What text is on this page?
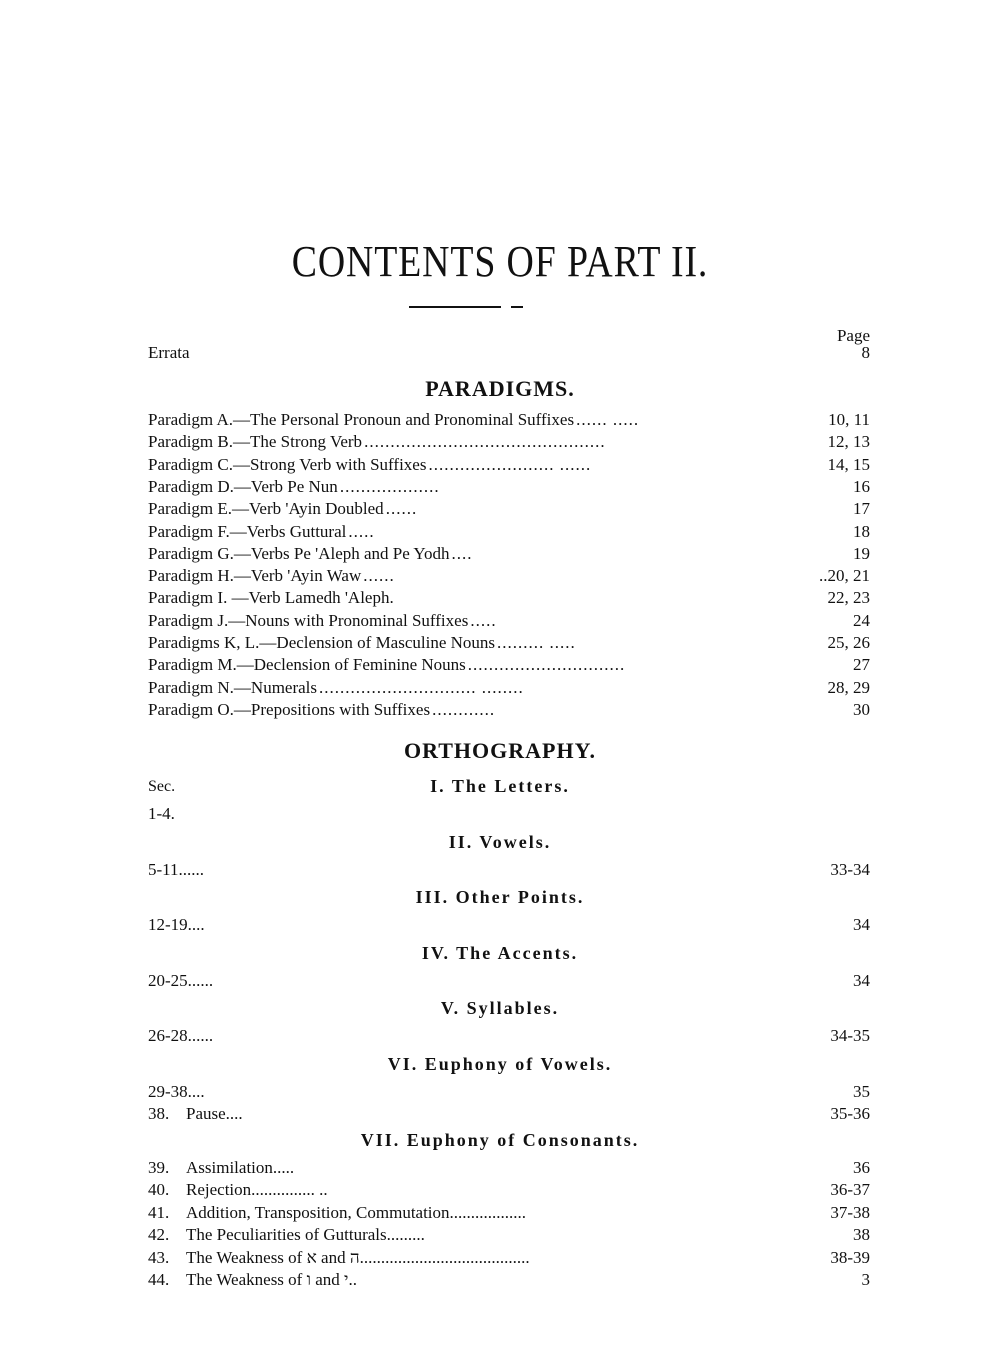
CONTENTS OF PART II.
Page
Errata	8
PARADIGMS.
Paradigm A.—The Personal Pronoun and Pronominal Suffixes ...... .....	10, 11
Paradigm B.—The Strong Verb ..............................................	12, 13
Paradigm C.—Strong Verb with Suffixes ........................ ......	14, 15
Paradigm D.—Verb Pe Nun ...................	16
Paradigm E.—Verb 'Ayin Doubled ......	17
Paradigm F.—Verbs Guttural .....	18
Paradigm G.—Verbs Pe 'Aleph and Pe Yodh ....	19
Paradigm H.—Verb 'Ayin Waw ......	..20, 21
Paradigm I. —Verb Lamedh 'Aleph.	22, 23
Paradigm J.—Nouns with Pronominal Suffixes .....	24
Paradigms K, L.—Declension of Masculine Nouns ......... .....	25, 26
Paradigm M.—Declension of Feminine Nouns ..............................	27
Paradigm N.—Numerals .............................. ........	28, 29
Paradigm O.—Prepositions with Suffixes ............	30
ORTHOGRAPHY.
Sec.	I. The Letters.
1-4.
II. Vowels.
5-11......	33-34
III. Other Points.
12-19....	34
IV. The Accents.
20-25......	34
V. Syllables.
26-28......	34-35
VI. Euphony of Vowels.
29-38....	35
38. Pause....	35-36
VII. Euphony of Consonants.
39. Assimilation.....	36
40. Rejection............... ..	36-37
41. Addition, Transposition, Commutation..................	37-38
42. The Peculiarities of Gutturals.........	38
43. The Weakness of א and ה........................................	38-39
44. The Weakness of ו and י..	3
